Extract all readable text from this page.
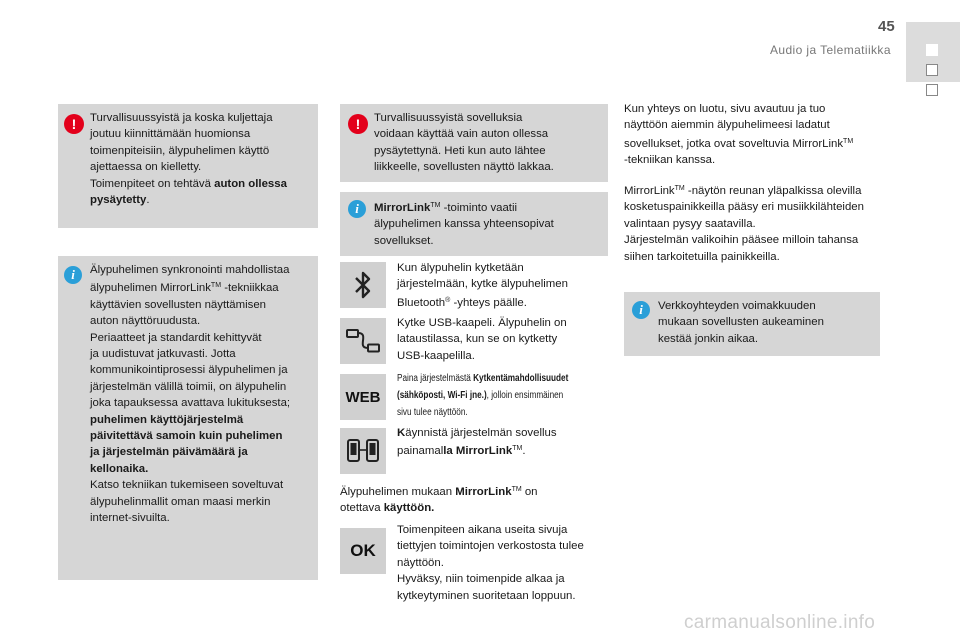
45
Audio ja Telematiikka
!	Turvallisuussyistä ja koska kuljettaja
joutuu kiinnittämään huomionsa
toimenpiteisiin, älypuhelimen käyttö
ajettaessa on kielletty.
Toimenpiteet on tehtävä auton ollessa
pysäytetty.
i	Älypuhelimen synkronointi mahdollistaa
älypuhelimen MirrorLink™ -tekniikkaa
käyttävien sovellusten näyttämisen
auton näyttöruudusta.
Periaatteet ja standardit kehittyvät
ja uudistuvat jatkuvasti. Jotta
kommunikointiprosessi älypuhelimen ja
järjestelmän välillä toimii, on älypuhelin
joka tapauksessa avattava lukituksesta;
puhelimen käyttöjärjestelmä
päivitettävä samoin kuin puhelimen
ja järjestelmän päivämäärä ja
kellonaika.
Katso tekniikan tukemiseen soveltuvat
älypuhelinmallit oman maasi merkin
internet-sivuilta.
!	Turvallisuussyistä sovelluksia
voidaan käyttää vain auton ollessa
pysäytettynä. Heti kun auto lähtee
liikkeelle, sovellusten näyttö lakkaa.
i	MirrorLink™ -toiminto vaatii
älypuhelimen kanssa yhteensopivat
sovellukset.
Kun älypuhelin kytketään
järjestelmään, kytke älypuhelimen
Bluetooth® -yhteys päälle.
Kytke USB-kaapeli. Älypuhelin on
lataustilassa, kun se on kytketty
USB-kaapelilla.
WEB
Paina järjestelmästä Kytkentämahdollisuudet
(sähköposti, Wi-Fi jne.), jolloin ensimmäinen
sivu tulee näyttöön.
Käynnistä järjestelmän sovellus
painamalla MirrorLink™.
Älypuhelimen mukaan MirrorLink™ on
otettava käyttöön.
OK
Toimenpiteen aikana useita sivuja
tiettyjen toimintojen verkostosta tulee
näyttöön.
Hyväksy, niin toimenpide alkaa ja
kytkeytyminen suoritetaan loppuun.
Kun yhteys on luotu, sivu avautuu ja tuo
näyttöön aiemmin älypuhelimeesi ladatut
sovellukset, jotka ovat soveltuvia MirrorLink™
-tekniikan kanssa.
MirrorLink™ -näytön reunan yläpalkissa olevilla
kosketuspainikkeilla pääsy eri musiikkilähteiden
valintaan pysyy saatavilla.
Järjestelmän valikoihin pääsee milloin tahansa
siihen tarkoitetuilla painikkeilla.
i	Verkkoyhteyden voimakkuuden
mukaan sovellusten aukeaminen
kestää jonkin aikaa.
carmanualsonline.info
